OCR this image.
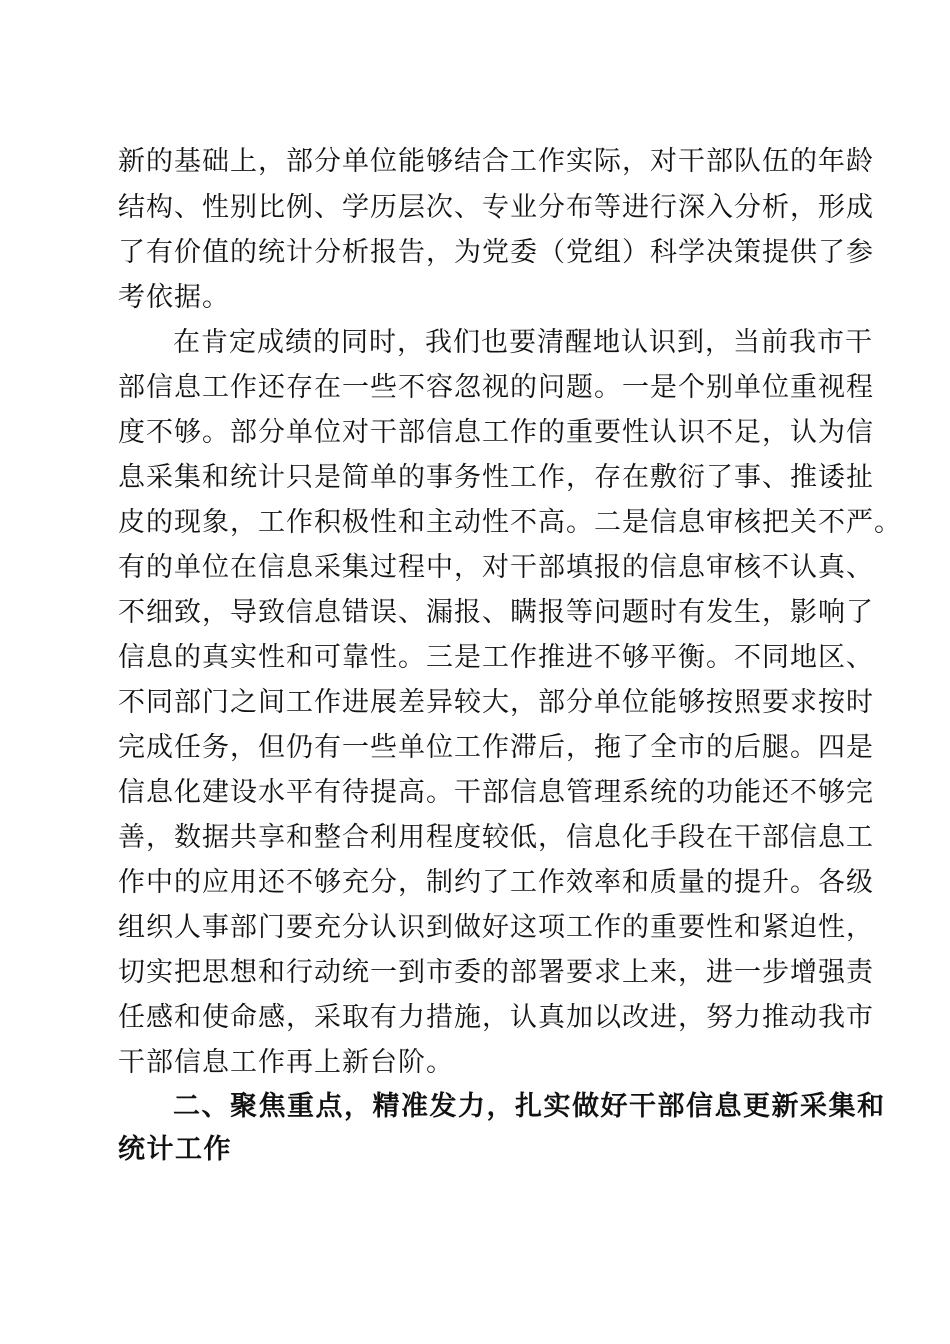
新的基础上，部分单位能够结合工作实际，对干部队伍的年龄
结构、性别比例、学历层次、专业分布等进行深入分析，形成
了有价值的统计分析报告，为党委（党组）科学决策提供了参
考依据。
在肯定成绩的同时，我们也要清醒地认识到，当前我市干
部信息工作还存在一些不容忽视的问题。一是个别单位重视程
度不够。部分单位对干部信息工作的重要性认识不足，认为信
息采集和统计只是简单的事务性工作，存在敷衍了事、推诿扯
皮的现象，工作积极性和主动性不高。二是信息审核把关不严。
有的单位在信息采集过程中，对干部填报的信息审核不认真、
不细致，导致信息错误、漏报、瞒报等问题时有发生，影响了
信息的真实性和可靠性。三是工作推进不够平衡。不同地区、
不同部门之间工作进展差异较大，部分单位能够按照要求按时
完成任务，但仍有一些单位工作滞后，拖了全市的后腿。四是
信息化建设水平有待提高。干部信息管理系统的功能还不够完
善，数据共享和整合利用程度较低，信息化手段在干部信息工
作中的应用还不够充分，制约了工作效率和质量的提升。各级
组织人事部门要充分认识到做好这项工作的重要性和紧迫性，
切实把思想和行动统一到市委的部署要求上来，进一步增强责
任感和使命感，采取有力措施，认真加以改进，努力推动我市
干部信息工作再上新台阶。
二、聚焦重点，精准发力，扎实做好干部信息更新采集和
统计工作
